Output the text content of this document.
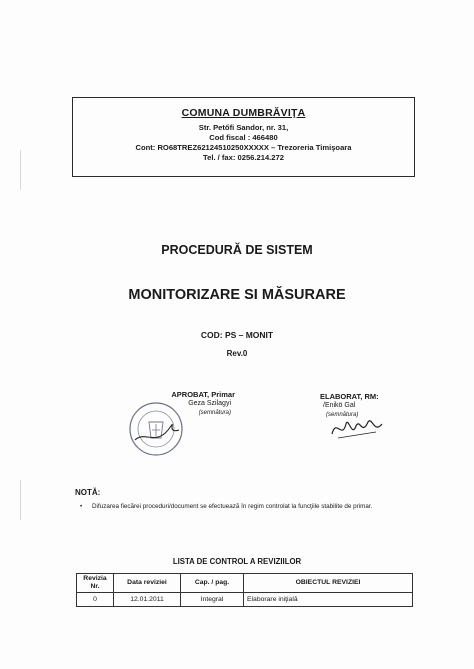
COMUNA DUMBRĂVIŢA
Str. Petőfi Sandor, nr. 31,
Cod fiscal : 466480
Cont: RO68TREZ62124510250XXXXX – Trezoreria Timişoara
Tel. / fax: 0256.214.272
PROCEDURĂ DE SISTEM
MONITORIZARE SI MĂSURARE
COD: PS – MONIT
Rev.0
APROBAT, Primar
Geza Szilagyi
(semnătura)
ELABORAT, RM:
/Enikö Gal
(semnătura)
NOTĂ:
• Difuzarea fiecărei proceduri/document se efectuează în regim controlat la funcţiile stabilite de primar.
LISTA DE CONTROL A REVIZIILOR
Revizia Nr.	Data reviziei	Cap. / pag.	OBIECTUL REVIZIEI
0	12.01.2011	Integral	Elaborare iniţială
